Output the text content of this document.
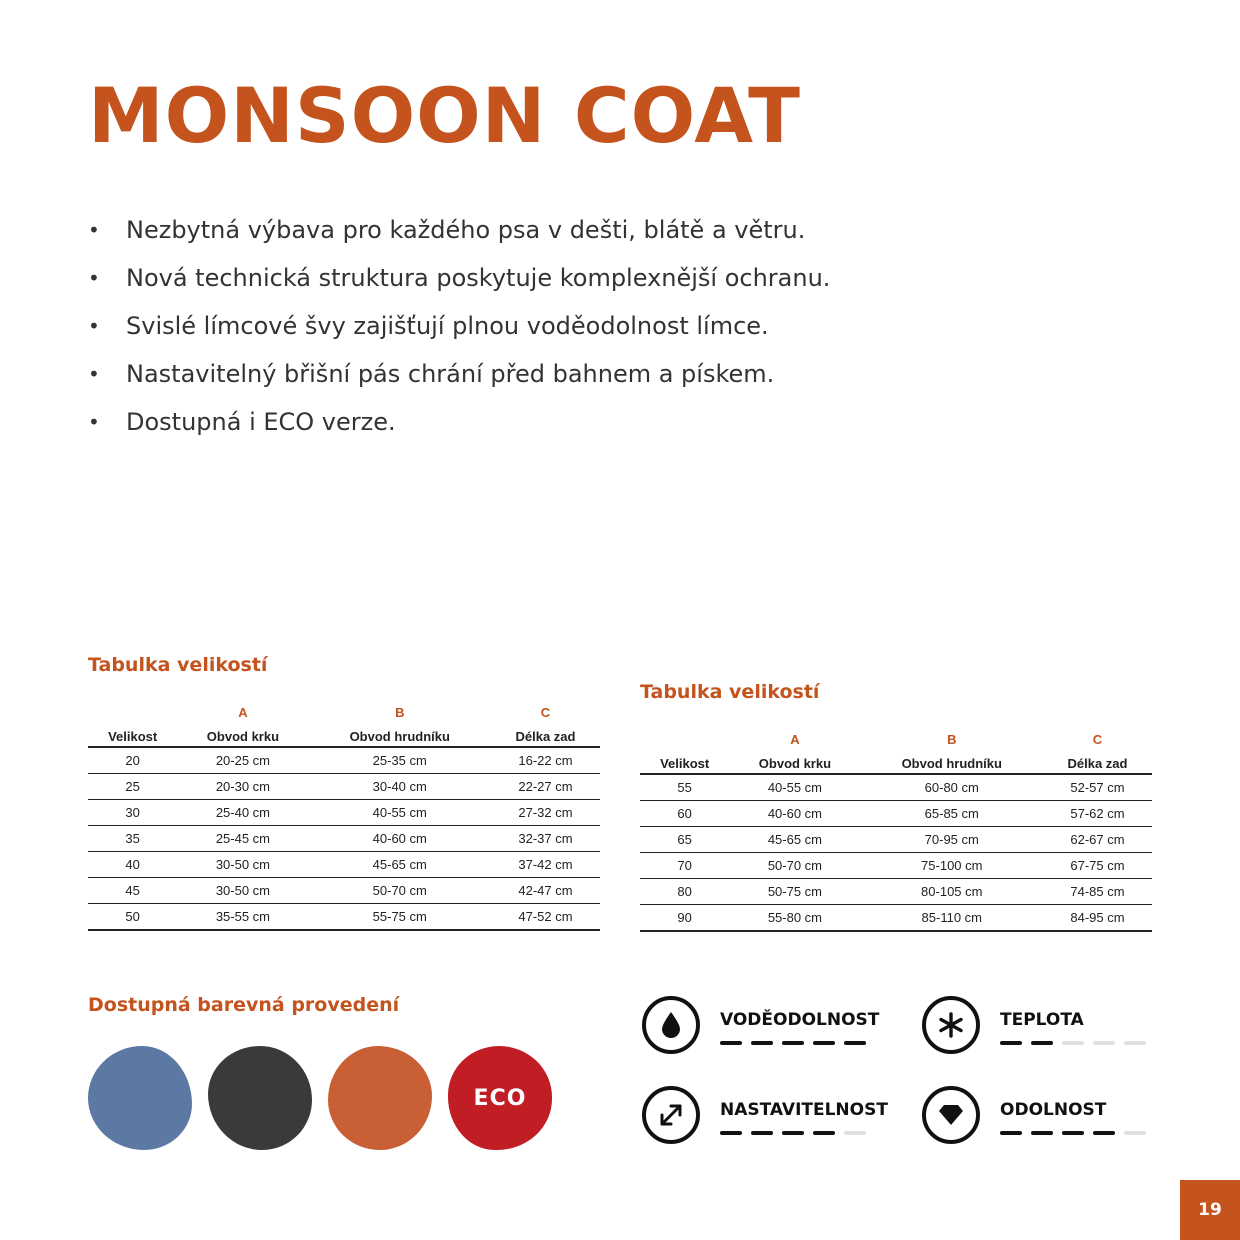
MONSOON COAT
• Nezbytná výbava pro každého psa v dešti, blátě a větru.
• Nová technická struktura poskytuje komplexnější ochranu.
• Svislé límcové švy zajišťují plnou voděodolnost límce.
• Nastavitelný břišní pás chrání před bahnem a pískem.
• Dostupná i ECO verze.
Tabulka velikostí
	A	B	C
Velikost	Obvod krku	Obvod hrudníku	Délka zad
20	20-25 cm	25-35 cm	16-22 cm
25	20-30 cm	30-40 cm	22-27 cm
30	25-40 cm	40-55 cm	27-32 cm
35	25-45 cm	40-60 cm	32-37 cm
40	30-50 cm	45-65 cm	37-42 cm
45	30-50 cm	50-70 cm	42-47 cm
50	35-55 cm	55-75 cm	47-52 cm
Tabulka velikostí
	A	B	C
Velikost	Obvod krku	Obvod hrudníku	Délka zad
55	40-55 cm	60-80 cm	52-57 cm
60	40-60 cm	65-85 cm	57-62 cm
65	45-65 cm	70-95 cm	62-67 cm
70	50-70 cm	75-100 cm	67-75 cm
80	50-75 cm	80-105 cm	74-85 cm
90	55-80 cm	85-110 cm	84-95 cm
Dostupná barevná provedení
ECO
VODĚODOLNOST	TEPLOTA
NASTAVITELNOST	ODOLNOST
19
